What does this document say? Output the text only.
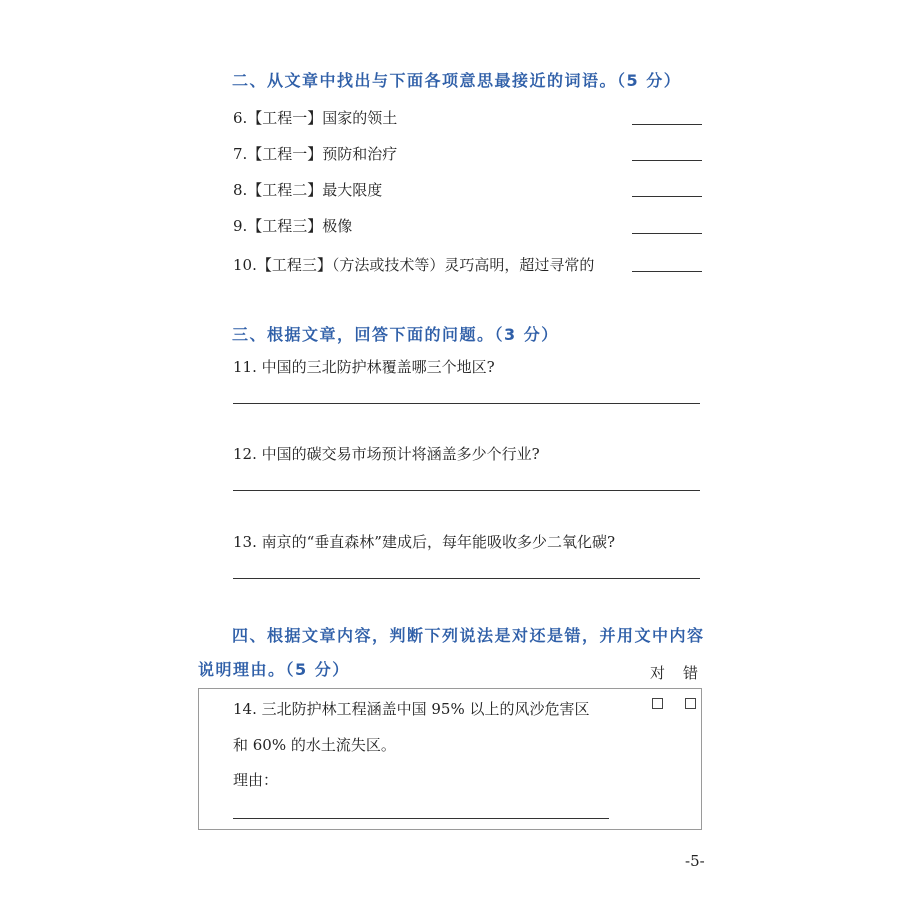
二、从文章中找出与下面各项意思最接近的词语。（5 分）
6.【工程一】国家的领土
7.【工程一】预防和治疗
8.【工程二】最大限度
9.【工程三】极像
10.【工程三】（方法或技术等）灵巧高明，超过寻常的
三、根据文章，回答下面的问题。（3 分）
11. 中国的三北防护林覆盖哪三个地区?
12. 中国的碳交易市场预计将涵盖多少个行业?
13. 南京的“垂直森林”建成后，每年能吸收多少二氧化碳?
四、根据文章内容，判断下列说法是对还是错，并用文中内容
说明理由。（5 分）	对 错
14. 三北防护林工程涵盖中国 95% 以上的风沙危害区
和 60% 的水土流失区。
理由：
-5-
